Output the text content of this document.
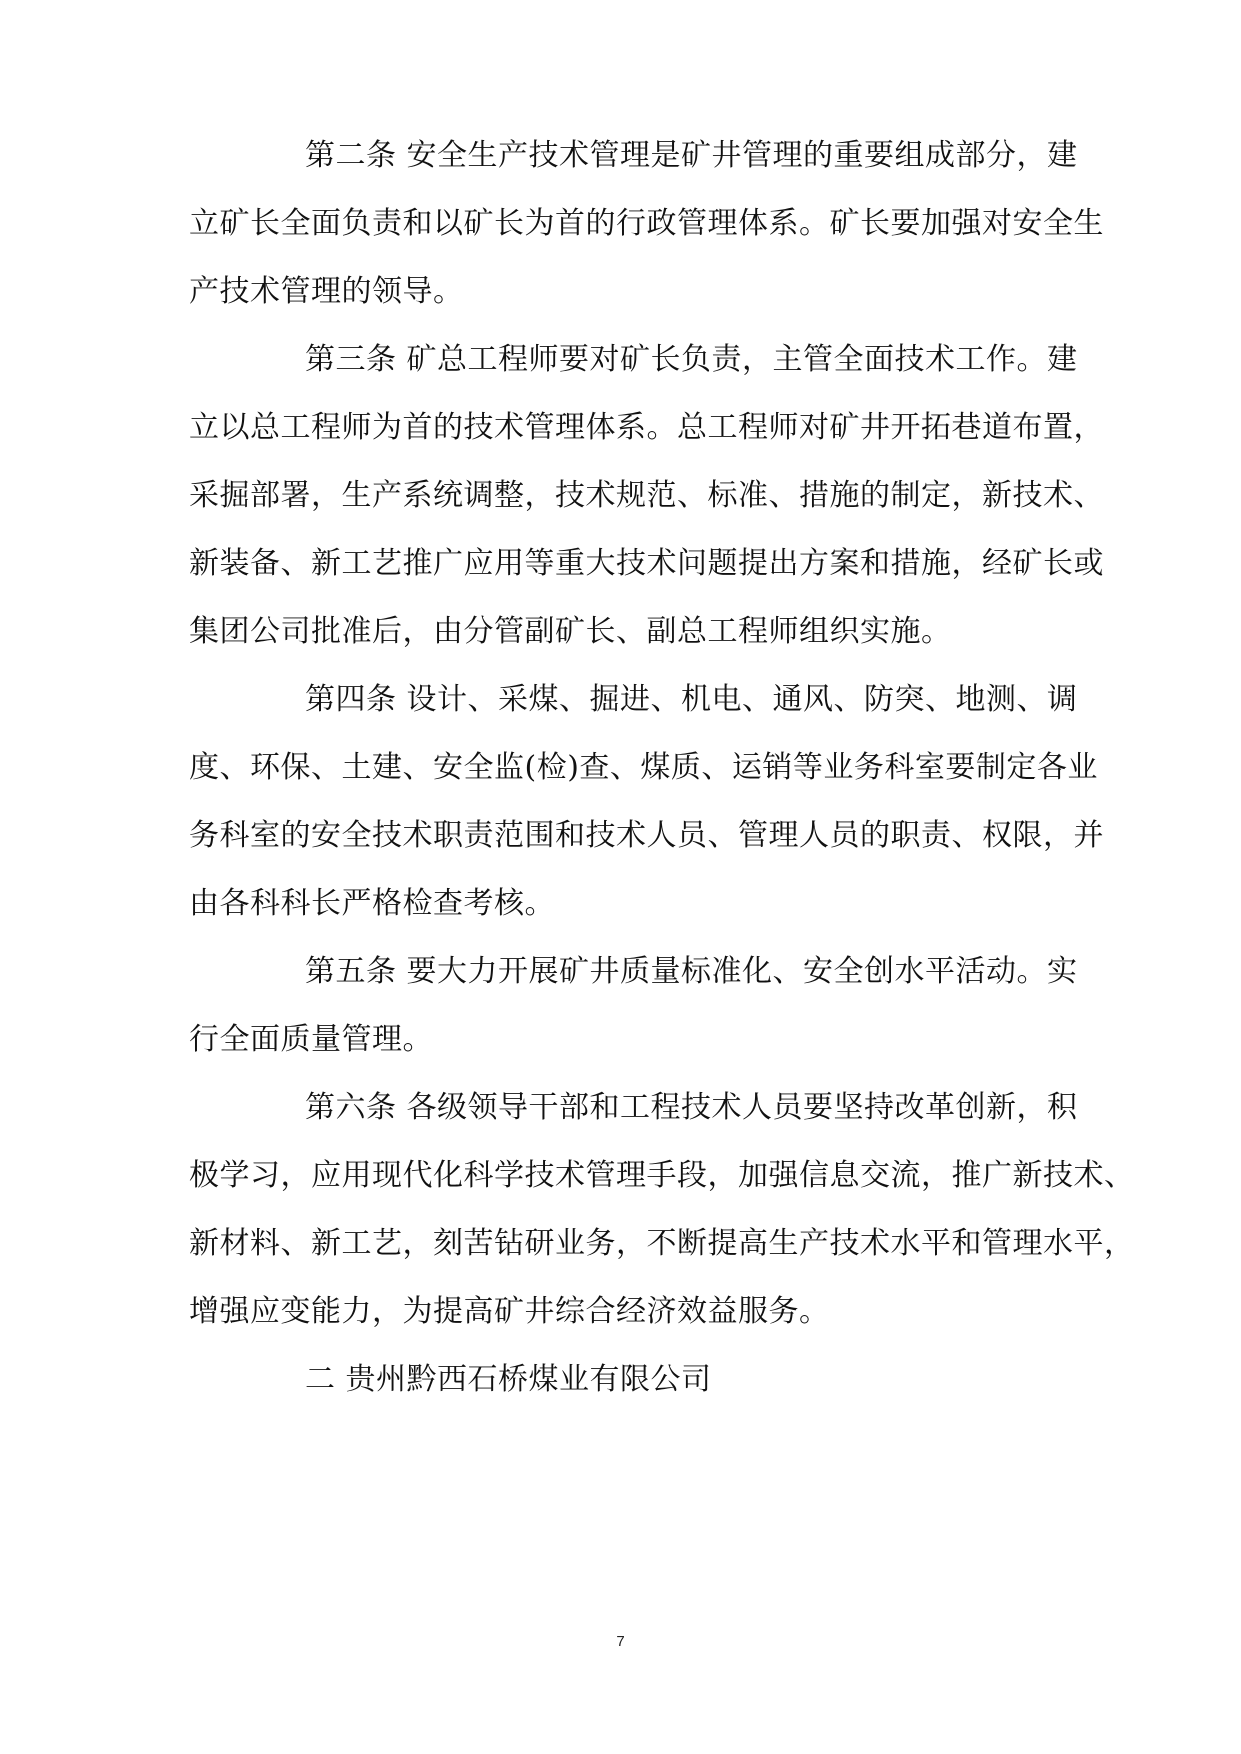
第二条 安全生产技术管理是矿井管理的重要组成部分，建
立矿长全面负责和以矿长为首的行政管理体系。矿长要加强对安全生
产技术管理的领导。
第三条 矿总工程师要对矿长负责，主管全面技术工作。建
立以总工程师为首的技术管理体系。总工程师对矿井开拓巷道布置，
采掘部署，生产系统调整，技术规范、标准、措施的制定，新技术、
新装备、新工艺推广应用等重大技术问题提出方案和措施，经矿长或
集团公司批准后，由分管副矿长、副总工程师组织实施。
第四条 设计、采煤、掘进、机电、通风、防突、地测、调
度、环保、土建、安全监(检)查、煤质、运销等业务科室要制定各业
务科室的安全技术职责范围和技术人员、管理人员的职责、权限，并
由各科科长严格检查考核。
第五条 要大力开展矿井质量标准化、安全创水平活动。实
行全面质量管理。
第六条 各级领导干部和工程技术人员要坚持改革创新，积
极学习，应用现代化科学技术管理手段，加强信息交流，推广新技术、
新材料、新工艺，刻苦钻研业务，不断提高生产技术水平和管理水平，
增强应变能力，为提高矿井综合经济效益服务。
二 贵州黔西石桥煤业有限公司
7
